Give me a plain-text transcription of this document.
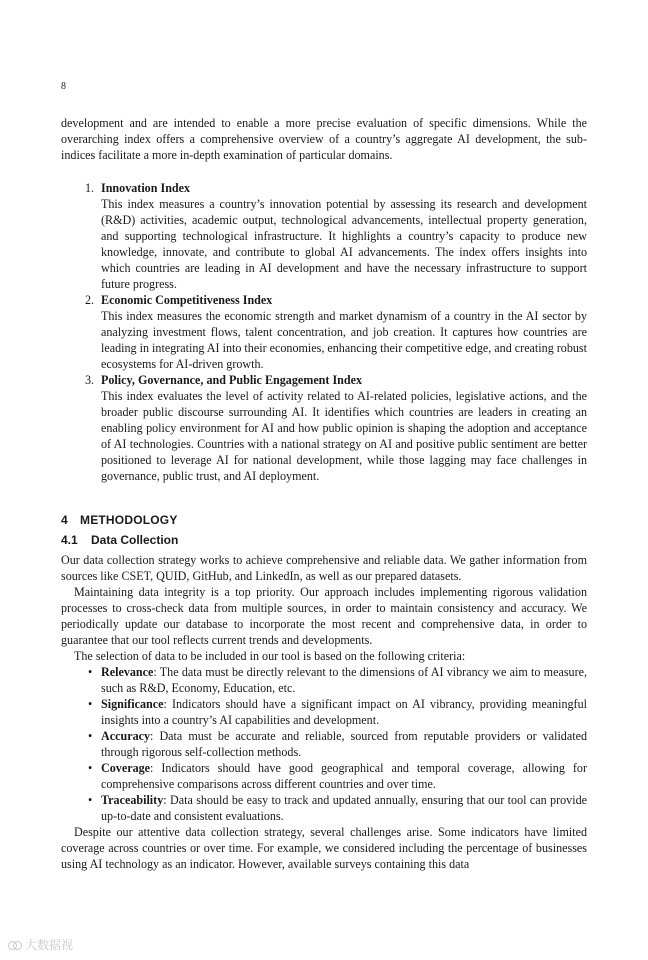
8

development and are intended to enable a more precise evaluation of specific dimensions. While the overarching index offers a comprehensive overview of a country’s aggregate AI development, the sub-indices facilitate a more in-depth examination of particular domains.

1. Innovation Index
This index measures a country’s innovation potential by assessing its research and development (R&D) activities, academic output, technological advancements, intellectual property generation, and supporting technological infrastructure. It highlights a country’s capacity to produce new knowledge, innovate, and contribute to global AI advancements. The index offers insights into which countries are leading in AI development and have the necessary infrastructure to support future progress.
2. Economic Competitiveness Index
This index measures the economic strength and market dynamism of a country in the AI sector by analyzing investment flows, talent concentration, and job creation. It captures how countries are leading in integrating AI into their economies, enhancing their competitive edge, and creating robust ecosystems for AI-driven growth.
3. Policy, Governance, and Public Engagement Index
This index evaluates the level of activity related to AI-related policies, legislative actions, and the broader public discourse surrounding AI. It identifies which countries are leaders in creating an enabling policy environment for AI and how public opinion is shaping the adoption and acceptance of AI technologies. Countries with a national strategy on AI and positive public sentiment are better positioned to leverage AI for national development, while those lagging may face challenges in governance, public trust, and AI deployment.
4 METHODOLOGY
4.1 Data Collection

Our data collection strategy works to achieve comprehensive and reliable data. We gather information from sources like CSET, QUID, GitHub, and LinkedIn, as well as our prepared datasets.

Maintaining data integrity is a top priority. Our approach includes implementing rigorous validation processes to cross-check data from multiple sources, in order to maintain consistency and accuracy. We periodically update our database to incorporate the most recent and comprehensive data, in order to guarantee that our tool reflects current trends and developments.

The selection of data to be included in our tool is based on the following criteria:

• Relevance: The data must be directly relevant to the dimensions of AI vibrancy we aim to measure, such as R&D, Economy, Education, etc.
• Significance: Indicators should have a significant impact on AI vibrancy, providing meaningful insights into a country’s AI capabilities and development.
• Accuracy: Data must be accurate and reliable, sourced from reputable providers or validated through rigorous self-collection methods.
• Coverage: Indicators should have good geographical and temporal coverage, allowing for comprehensive comparisons across different countries and over time.
• Traceability: Data should be easy to track and updated annually, ensuring that our tool can provide up-to-date and consistent evaluations.

Despite our attentive data collection strategy, several challenges arise. Some indicators have limited coverage across countries or over time. For example, we considered including the percentage of businesses using AI technology as an indicator. However, available surveys containing this data

大数据视
